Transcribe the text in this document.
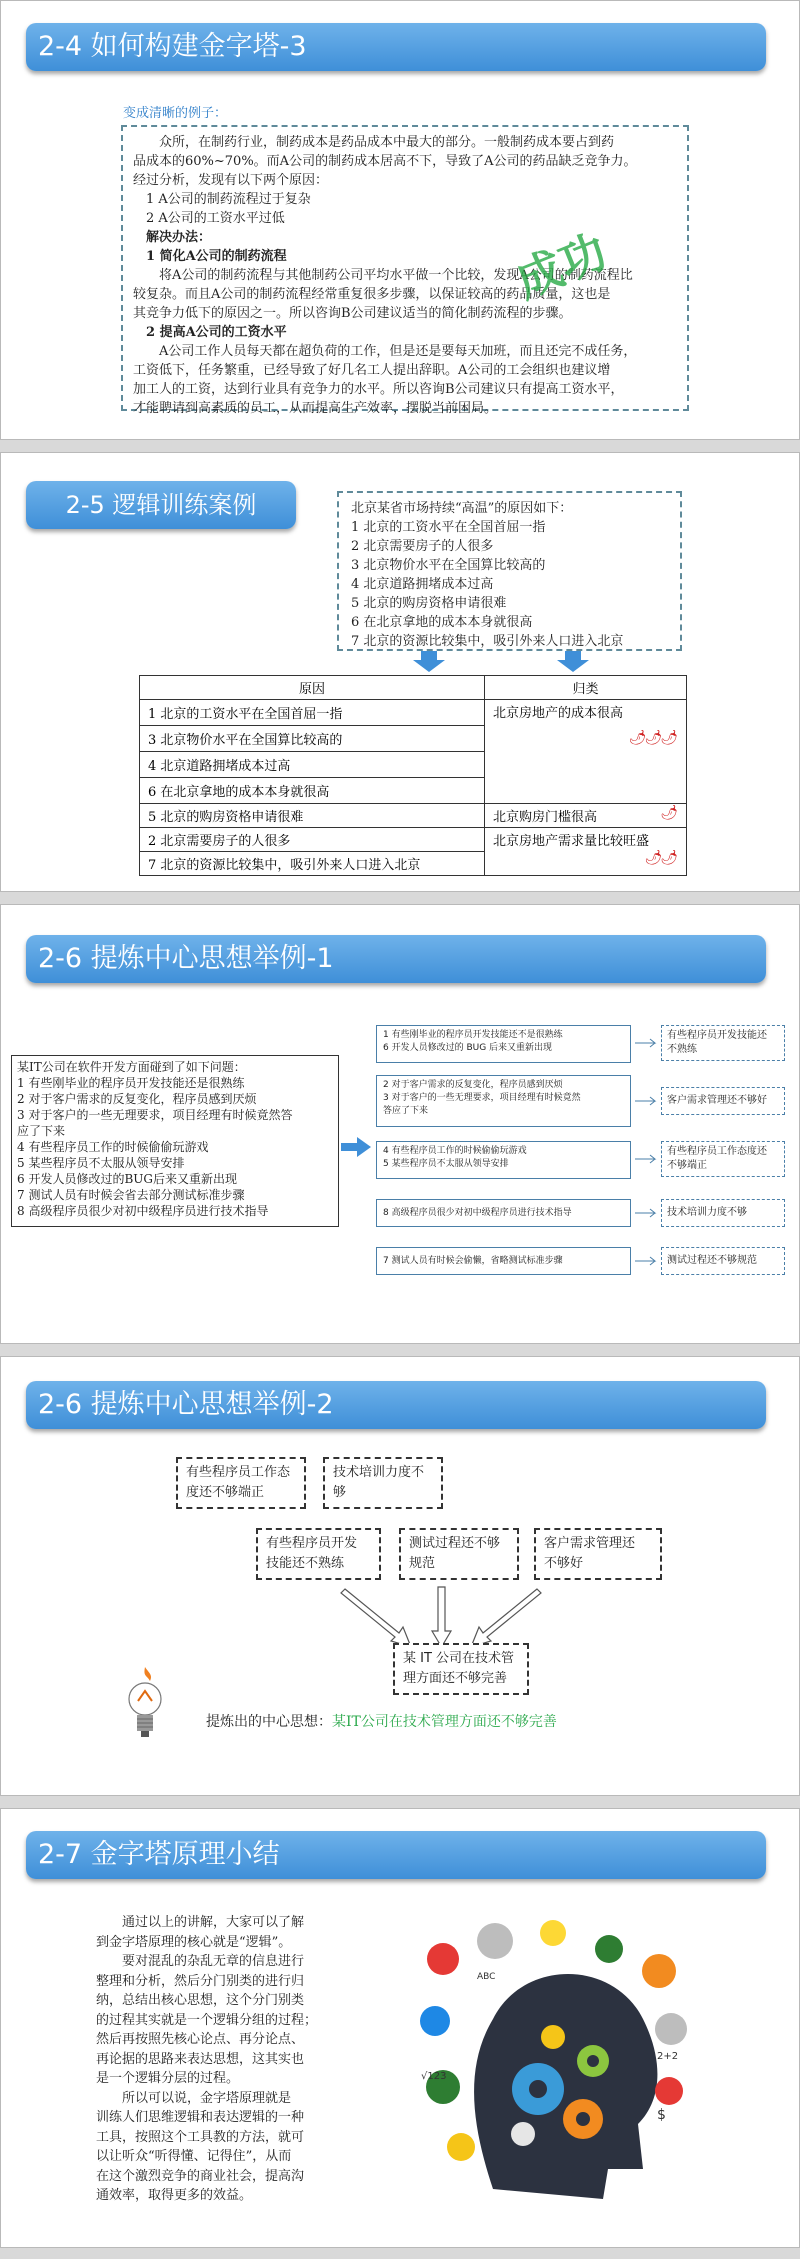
2-4 如何构建金字塔-3
变成清晰的例子：
　　众所，在制药行业，制药成本是药品成本中最大的部分。一般制药成本要占到药
品成本的60%~70%。而A公司的制药成本居高不下，导致了A公司的药品缺乏竞争力。
经过分析，发现有以下两个原因：
　1 A公司的制药流程过于复杂
　2 A公司的工资水平过低
　解决办法：
　1 简化A公司的制药流程
　　将A公司的制药流程与其他制药公司平均水平做一个比较，发现A公司的制药流程比
较复杂。而且A公司的制药流程经常重复很多步骤，以保证较高的药品质量，这也是
其竞争力低下的原因之一。所以咨询B公司建议适当的简化制药流程的步骤。
　2 提高A公司的工资水平
　　A公司工作人员每天都在超负荷的工作，但是还是要每天加班，而且还完不成任务，
工资低下，任务繁重，已经导致了好几名工人提出辞职。A公司的工会组织也建议增
加工人的工资，达到行业具有竞争力的水平。所以咨询B公司建议只有提高工资水平，
才能聘请到高素质的员工，从而提高生产效率，摆脱当前困局。
成功
2-5 逻辑训练案例	北京某省市场持续“高温”的原因如下：
1 北京的工资水平在全国首屈一指
2 北京需要房子的人很多
3 北京物价水平在全国算比较高的
4 北京道路拥堵成本过高
5 北京的购房资格申请很难
6 在北京拿地的成本本身就很高
7 北京的资源比较集中，吸引外来人口进入北京
原因	归类
1 北京的工资水平在全国首屈一指	北京房地产的成本很高
🌶🌶🌶

3 北京物价水平在全国算比较高的	
4 北京道路拥堵成本过高	
6 在北京拿地的成本本身就很高	
5 北京的购房资格申请很难	北京购房门槛很高 🌶

2 北京需要房子的人很多	北京房地产需求量比较旺盛
🌶🌶

7 北京的资源比较集中，吸引外来人口进入北京	
2-6 提炼中心思想举例-1
某IT公司在软件开发方面碰到了如下问题：
1 有些刚毕业的程序员开发技能还是很熟练
2 对于客户需求的反复变化，程序员感到厌烦
3 对于客户的一些无理要求，项目经理有时候竟然答
应了下来
4 有些程序员工作的时候偷偷玩游戏
5 某些程序员不太服从领导安排
6 开发人员修改过的BUG后来又重新出现
7 测试人员有时候会省去部分测试标准步骤
8 高级程序员很少对初中级程序员进行技术指导
1 有些刚毕业的程序员开发技能还不是很熟练
6 开发人员修改过的 BUG 后来又重新出现
2 对于客户需求的反复变化，程序员感到厌烦
3 对于客户的一些无理要求，项目经理有时候竟然
答应了下来
4 有些程序员工作的时候偷偷玩游戏
5 某些程序员不太服从领导安排
8 高级程序员很少对初中级程序员进行技术指导
7 测试人员有时候会偷懒，省略测试标准步骤
有些程序员开发技能还
不熟练
客户需求管理还不够好
有些程序员工作态度还
不够端正
技术培训力度不够
测试过程还不够规范
2-6 提炼中心思想举例-2
有些程序员工作态
度还不够端正
技术培训力度不
够
有些程序员开发
技能还不熟练
测试过程还不够
规范
客户需求管理还
不够好
某 IT 公司在技术管
理方面还不够完善
提炼出的中心思想：某IT公司在技术管理方面还不够完善
2-7 金字塔原理小结
　　通过以上的讲解，大家可以了解
到金字塔原理的核心就是“逻辑”。
　　要对混乱的杂乱无章的信息进行
整理和分析，然后分门别类的进行归
纳，总结出核心思想，这个分门别类
的过程其实就是一个逻辑分组的过程；
然后再按照先核心论点、再分论点、
再论据的思路来表达思想，这其实也
是一个逻辑分层的过程。
　　所以可以说，金字塔原理就是
训练人们思维逻辑和表达逻辑的一种
工具，按照这个工具教的方法，就可
以让听众“听得懂、记得住”，从而
在这个激烈竞争的商业社会，提高沟
通效率，取得更多的效益。
√123
2+2
ABC
$
